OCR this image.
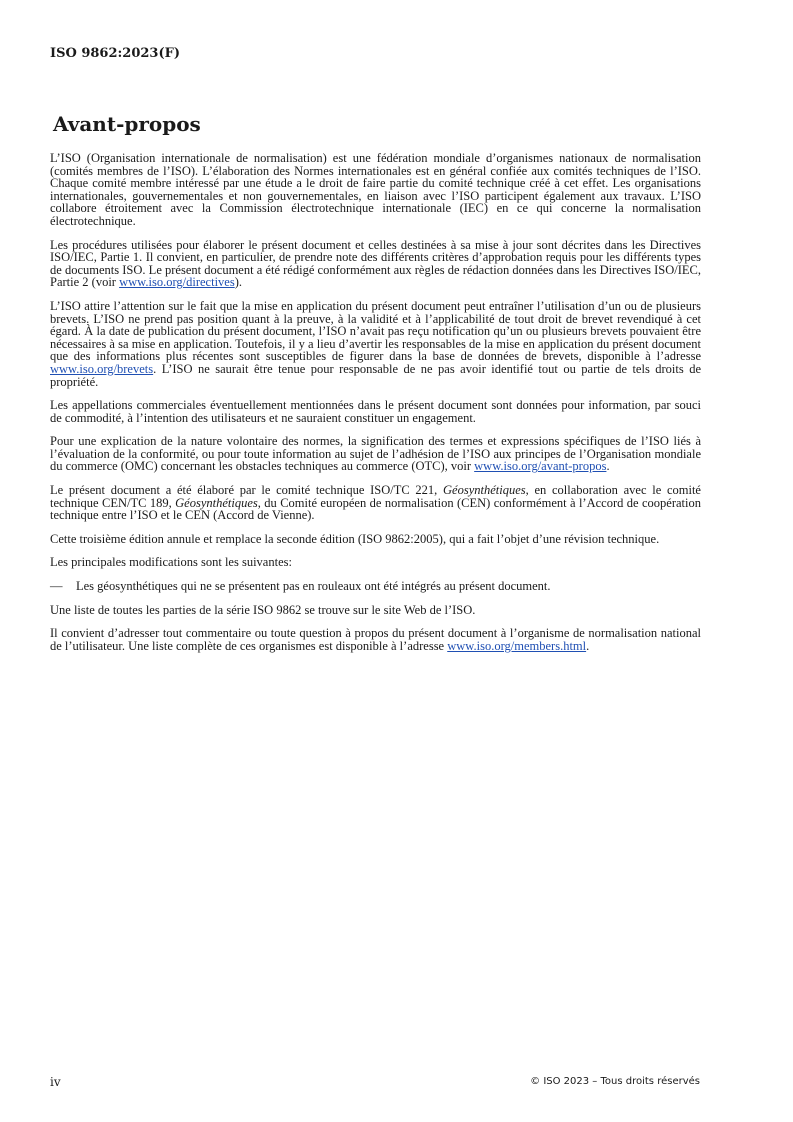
ISO 9862:2023(F)
Avant-propos

L’ISO (Organisation internationale de normalisation) est une fédération mondiale d’organismes nationaux de normalisation (comités membres de l’ISO). L’élaboration des Normes internationales est en général confiée aux comités techniques de l’ISO. Chaque comité membre intéressé par une étude a le droit de faire partie du comité technique créé à cet effet. Les organisations internationales, gouvernementales et non gouvernementales, en liaison avec l’ISO participent également aux travaux. L’ISO collabore étroitement avec la Commission électrotechnique internationale (IEC) en ce qui concerne la normalisation électrotechnique.

Les procédures utilisées pour élaborer le présent document et celles destinées à sa mise à jour sont décrites dans les Directives ISO/IEC, Partie 1. Il convient, en particulier, de prendre note des différents critères d’approbation requis pour les différents types de documents ISO. Le présent document a été rédigé conformément aux règles de rédaction données dans les Directives ISO/IEC, Partie 2 (voir www.iso.org/directives).

L’ISO attire l’attention sur le fait que la mise en application du présent document peut entraîner l’utilisation d’un ou de plusieurs brevets. L’ISO ne prend pas position quant à la preuve, à la validité et à l’applicabilité de tout droit de brevet revendiqué à cet égard. À la date de publication du présent document, l’ISO n’avait pas reçu notification qu’un ou plusieurs brevets pouvaient être nécessaires à sa mise en application. Toutefois, il y a lieu d’avertir les responsables de la mise en application du présent document que des informations plus récentes sont susceptibles de figurer dans la base de données de brevets, disponible à l’adresse www.iso.org/brevets. L’ISO ne saurait être tenue pour responsable de ne pas avoir identifié tout ou partie de tels droits de propriété.

Les appellations commerciales éventuellement mentionnées dans le présent document sont données pour information, par souci de commodité, à l’intention des utilisateurs et ne sauraient constituer un engagement.

Pour une explication de la nature volontaire des normes, la signification des termes et expressions spécifiques de l’ISO liés à l’évaluation de la conformité, ou pour toute information au sujet de l’adhésion de l’ISO aux principes de l’Organisation mondiale du commerce (OMC) concernant les obstacles techniques au commerce (OTC), voir www.iso.org/avant-propos.

Le présent document a été élaboré par le comité technique ISO/TC 221, Géosynthétiques, en collaboration avec le comité technique CEN/TC 189, Géosynthétiques, du Comité européen de normalisation (CEN) conformément à l’Accord de coopération technique entre l’ISO et le CEN (Accord de Vienne).

Cette troisième édition annule et remplace la seconde édition (ISO 9862:2005), qui a fait l’objet d’une révision technique.

Les principales modifications sont les suivantes:

— Les géosynthétiques qui ne se présentent pas en rouleaux ont été intégrés au présent document.

Une liste de toutes les parties de la série ISO 9862 se trouve sur le site Web de l’ISO.

Il convient d’adresser tout commentaire ou toute question à propos du présent document à l’organisme de normalisation national de l’utilisateur. Une liste complète de ces organismes est disponible à l’adresse www.iso.org/members.html.

iv	© ISO 2023 – Tous droits réservés
